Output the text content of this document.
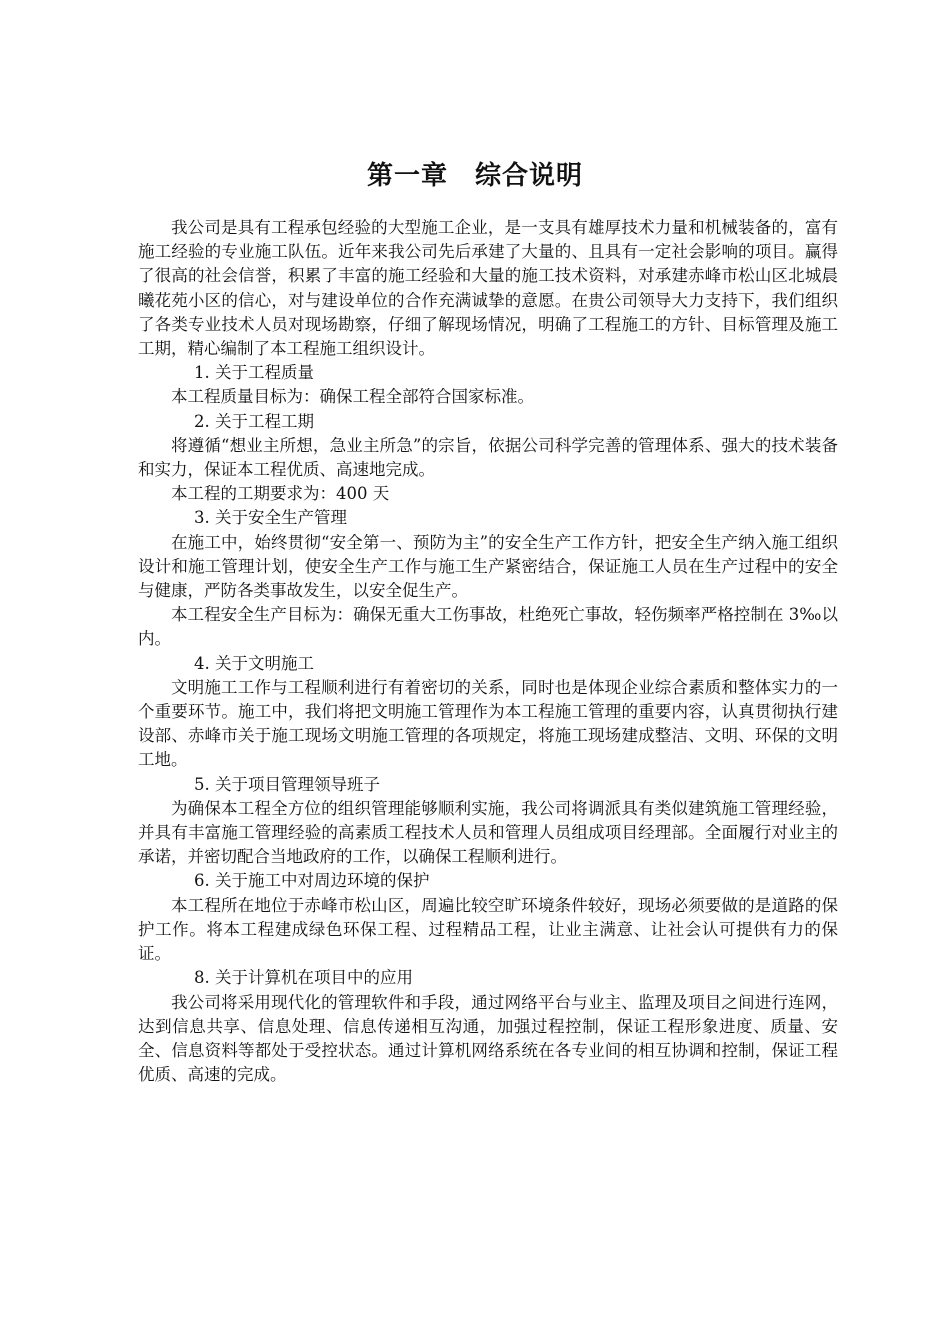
第一章　综合说明

我公司是具有工程承包经验的大型施工企业，是一支具有雄厚技术力量和机械装备的，富有施工经验的专业施工队伍。近年来我公司先后承建了大量的、且具有一定社会影响的项目。赢得了很高的社会信誉，积累了丰富的施工经验和大量的施工技术资料，对承建赤峰市松山区北城晨曦花苑小区的信心，对与建设单位的合作充满诚挚的意愿。在贵公司领导大力支持下，我们组织了各类专业技术人员对现场勘察，仔细了解现场情况，明确了工程施工的方针、目标管理及施工工期，精心编制了本工程施工组织设计。

1. 关于工程质量

本工程质量目标为：确保工程全部符合国家标准。

2. 关于工程工期

将遵循“想业主所想，急业主所急”的宗旨，依据公司科学完善的管理体系、强大的技术装备和实力，保证本工程优质、高速地完成。

本工程的工期要求为：400 天

3. 关于安全生产管理

在施工中，始终贯彻“安全第一、预防为主”的安全生产工作方针，把安全生产纳入施工组织设计和施工管理计划，使安全生产工作与施工生产紧密结合，保证施工人员在生产过程中的安全与健康，严防各类事故发生，以安全促生产。

本工程安全生产目标为：确保无重大工伤事故，杜绝死亡事故，轻伤频率严格控制在 3‰以内。

4. 关于文明施工

文明施工工作与工程顺利进行有着密切的关系，同时也是体现企业综合素质和整体实力的一个重要环节。施工中，我们将把文明施工管理作为本工程施工管理的重要内容，认真贯彻执行建设部、赤峰市关于施工现场文明施工管理的各项规定，将施工现场建成整洁、文明、环保的文明工地。

5. 关于项目管理领导班子

为确保本工程全方位的组织管理能够顺利实施，我公司将调派具有类似建筑施工管理经验，并具有丰富施工管理经验的高素质工程技术人员和管理人员组成项目经理部。全面履行对业主的承诺，并密切配合当地政府的工作，以确保工程顺利进行。

6. 关于施工中对周边环境的保护

本工程所在地位于赤峰市松山区，周遍比较空旷环境条件较好，现场必须要做的是道路的保护工作。将本工程建成绿色环保工程、过程精品工程，让业主满意、让社会认可提供有力的保证。

8. 关于计算机在项目中的应用

我公司将采用现代化的管理软件和手段，通过网络平台与业主、监理及项目之间进行连网，达到信息共享、信息处理、信息传递相互沟通，加强过程控制，保证工程形象进度、质量、安全、信息资料等都处于受控状态。通过计算机网络系统在各专业间的相互协调和控制，保证工程优质、高速的完成。
